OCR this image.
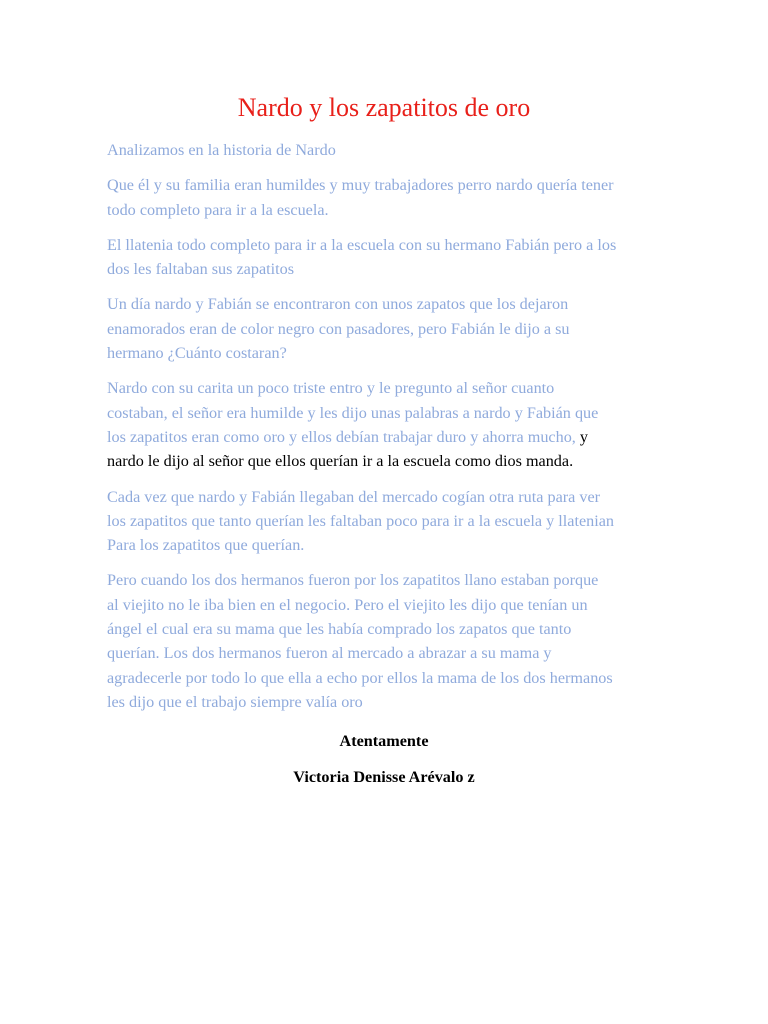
Nardo y los zapatitos de oro

Analizamos en la historia de Nardo

Que él y su familia eran humildes y muy trabajadores perro nardo quería tener
todo completo para ir a la escuela.

El llatenia todo completo para ir a la escuela con su hermano Fabián pero a los
dos les faltaban sus zapatitos

Un día nardo y Fabián se encontraron con unos zapatos que los dejaron
enamorados eran de color negro con pasadores, pero Fabián le dijo a su
hermano ¿Cuánto costaran?

Nardo con su carita un poco triste entro y le pregunto al señor cuanto
costaban, el señor era humilde y les dijo unas palabras a nardo y Fabián que
los zapatitos eran como oro y ellos debían trabajar duro y ahorra mucho, y
nardo le dijo al señor que ellos querían ir a la escuela como dios manda.

Cada vez que nardo y Fabián llegaban del mercado cogían otra ruta para ver
los zapatitos que tanto querían les faltaban poco para ir a la escuela y llatenian
Para los zapatitos que querían.

Pero cuando los dos hermanos fueron por los zapatitos llano estaban porque
al viejito no le iba bien en el negocio. Pero el viejito les dijo que tenían un
ángel el cual era su mama que les había comprado los zapatos que tanto
querían. Los dos hermanos fueron al mercado a abrazar a su mama y
agradecerle por todo lo que ella a echo por ellos la mama de los dos hermanos
les dijo que el trabajo siempre valía oro

Atentamente

Victoria Denisse Arévalo z
